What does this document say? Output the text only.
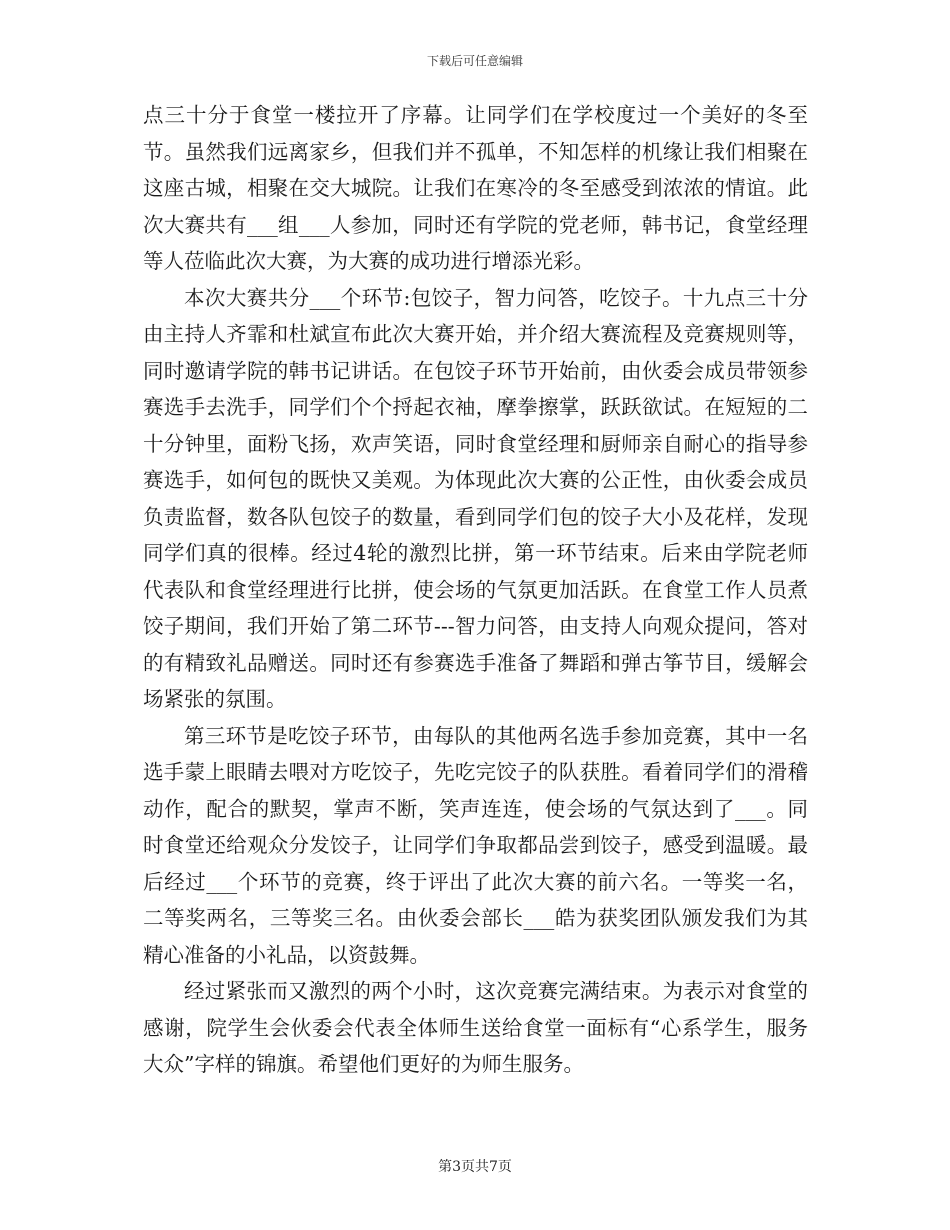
下载后可任意编辑

点三十分于食堂一楼拉开了序幕。让同学们在学校度过一个美好的冬至节。虽然我们远离家乡，但我们并不孤单，不知怎样的机缘让我们相聚在这座古城，相聚在交大城院。让我们在寒冷的冬至感受到浓浓的情谊。此次大赛共有___组___人参加，同时还有学院的党老师，韩书记，食堂经理等人莅临此次大赛，为大赛的成功进行增添光彩。

本次大赛共分___个环节:包饺子，智力问答，吃饺子。十九点三十分由主持人齐霏和杜斌宣布此次大赛开始，并介绍大赛流程及竞赛规则等，同时邀请学院的韩书记讲话。在包饺子环节开始前，由伙委会成员带领参赛选手去洗手，同学们个个捋起衣袖，摩拳擦掌，跃跃欲试。在短短的二十分钟里，面粉飞扬，欢声笑语，同时食堂经理和厨师亲自耐心的指导参赛选手，如何包的既快又美观。为体现此次大赛的公正性，由伙委会成员负责监督，数各队包饺子的数量，看到同学们包的饺子大小及花样，发现同学们真的很棒。经过4轮的激烈比拼，第一环节结束。后来由学院老师代表队和食堂经理进行比拼，使会场的气氛更加活跃。在食堂工作人员煮饺子期间，我们开始了第二环节---智力问答，由支持人向观众提问，答对的有精致礼品赠送。同时还有参赛选手准备了舞蹈和弹古筝节目，缓解会场紧张的氛围。

第三环节是吃饺子环节，由每队的其他两名选手参加竞赛，其中一名选手蒙上眼睛去喂对方吃饺子，先吃完饺子的队获胜。看着同学们的滑稽动作，配合的默契，掌声不断，笑声连连，使会场的气氛达到了___。同时食堂还给观众分发饺子，让同学们争取都品尝到饺子，感受到温暖。最后经过___个环节的竞赛，终于评出了此次大赛的前六名。一等奖一名，二等奖两名，三等奖三名。由伙委会部长___皓为获奖团队颁发我们为其精心准备的小礼品，以资鼓舞。

经过紧张而又激烈的两个小时，这次竞赛完满结束。为表示对食堂的感谢，院学生会伙委会代表全体师生送给食堂一面标有“心系学生，服务大众”字样的锦旗。希望他们更好的为师生服务。

第3页共7页
